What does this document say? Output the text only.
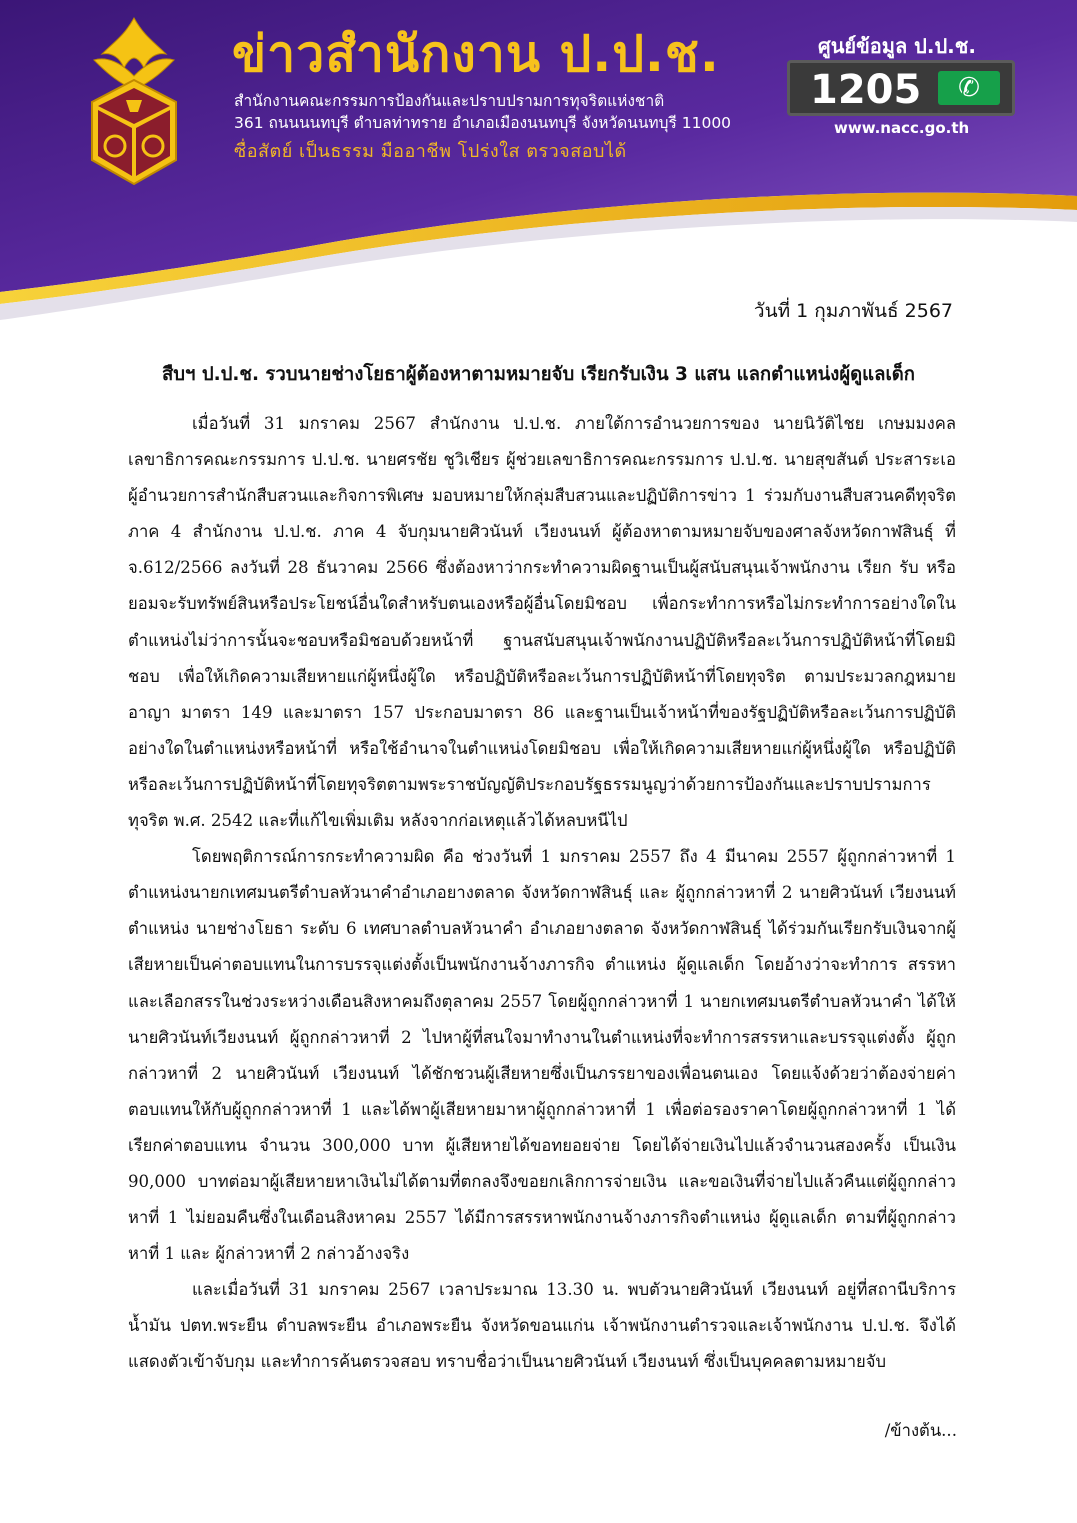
ข่าวสำนักงาน ป.ป.ช.
สำนักงานคณะกรรมการป้องกันและปราบปรามการทุจริตแห่งชาติ
361 ถนนนนทบุรี ตำบลท่าทราย อำเภอเมืองนนทบุรี จังหวัดนนทบุรี 11000
ซื่อสัตย์ เป็นธรรม มืออาชีพ โปร่งใส ตรวจสอบได้
ศูนย์ข้อมูล ป.ป.ช.
1205	✆
www.nacc.go.th
วันที่ 1 กุมภาพันธ์ 2567
สืบฯ ป.ป.ช. รวบนายช่างโยธาผู้ต้องหาตามหมายจับ เรียกรับเงิน 3 แสน แลกตำแหน่งผู้ดูแลเด็ก

เมื่อวันที่ 31 มกราคม 2567 สำนักงาน ป.ป.ช. ภายใต้การอำนวยการของ นายนิวัติไชย เกษมมงคล เลขาธิการคณะกรรมการ ป.ป.ช. นายศรชัย ชูวิเชียร ผู้ช่วยเลขาธิการคณะกรรมการ ป.ป.ช. นายสุขสันต์ ประสาระเอ ผู้อำนวยการสำนักสืบสวนและกิจการพิเศษ มอบหมายให้กลุ่มสืบสวนและปฏิบัติการข่าว 1 ร่วมกับงานสืบสวนคดีทุจริตภาค 4 สำนักงาน ป.ป.ช. ภาค 4 จับกุมนายศิวนันท์ เวียงนนท์ ผู้ต้องหาตามหมายจับของศาลจังหวัดกาฬสินธุ์ ที่ จ.612/2566 ลงวันที่ 28 ธันวาคม 2566 ซึ่งต้องหาว่ากระทำความผิดฐานเป็นผู้สนับสนุนเจ้าพนักงาน เรียก รับ หรือยอมจะรับทรัพย์สินหรือประโยชน์อื่นใดสำหรับตนเองหรือผู้อื่นโดยมิชอบ เพื่อกระทำการหรือไม่กระทำการอย่างใดในตำแหน่งไม่ว่าการนั้นจะชอบหรือมิชอบด้วยหน้าที่ ฐานสนับสนุนเจ้าพนักงานปฏิบัติหรือละเว้นการปฏิบัติหน้าที่โดยมิชอบ เพื่อให้เกิดความเสียหายแก่ผู้หนึ่งผู้ใด หรือปฏิบัติหรือละเว้นการปฏิบัติหน้าที่โดยทุจริต ตามประมวลกฎหมายอาญา มาตรา 149 และมาตรา 157 ประกอบมาตรา 86 และฐานเป็นเจ้าหน้าที่ของรัฐปฏิบัติหรือละเว้นการปฏิบัติอย่างใดในตำแหน่งหรือหน้าที่ หรือใช้อำนาจในตำแหน่งโดยมิชอบ เพื่อให้เกิดความเสียหายแก่ผู้หนึ่งผู้ใด หรือปฏิบัติหรือละเว้นการปฏิบัติหน้าที่โดยทุจริตตามพระราชบัญญัติประกอบรัฐธรรมนูญว่าด้วยการป้องกันและปราบปรามการทุจริต พ.ศ. 2542 และที่แก้ไขเพิ่มเติม หลังจากก่อเหตุแล้วได้หลบหนีไป

โดยพฤติการณ์การกระทำความผิด คือ ช่วงวันที่ 1 มกราคม 2557 ถึง 4 มีนาคม 2557 ผู้ถูกกล่าวหาที่ 1 ตำแหน่งนายกเทศมนตรีตำบลหัวนาคำอำเภอยางตลาด จังหวัดกาฬสินธุ์ และ ผู้ถูกกล่าวหาที่ 2 นายศิวนันท์ เวียงนนท์ ตำแหน่ง นายช่างโยธา ระดับ 6 เทศบาลตำบลหัวนาคำ อำเภอยางตลาด จังหวัดกาฬสินธุ์ ได้ร่วมกันเรียกรับเงินจากผู้เสียหายเป็นค่าตอบแทนในการบรรจุแต่งตั้งเป็นพนักงานจ้างภารกิจ ตำแหน่ง ผู้ดูแลเด็ก โดยอ้างว่าจะทำการ สรรหาและเลือกสรรในช่วงระหว่างเดือนสิงหาคมถึงตุลาคม 2557 โดยผู้ถูกกล่าวหาที่ 1 นายกเทศมนตรีตำบลหัวนาคำ ได้ให้นายศิวนันท์เวียงนนท์ ผู้ถูกกล่าวหาที่ 2 ไปหาผู้ที่สนใจมาทำงานในตำแหน่งที่จะทำการสรรหาและบรรจุแต่งตั้ง ผู้ถูกกล่าวหาที่ 2 นายศิวนันท์ เวียงนนท์ ได้ชักชวนผู้เสียหายซึ่งเป็นภรรยาของเพื่อนตนเอง โดยแจ้งด้วยว่าต้องจ่ายค่าตอบแทนให้กับผู้ถูกกล่าวหาที่ 1 และได้พาผู้เสียหายมาหาผู้ถูกกล่าวหาที่ 1 เพื่อต่อรองราคาโดยผู้ถูกกล่าวหาที่ 1 ได้เรียกค่าตอบแทน จำนวน 300,000 บาท ผู้เสียหายได้ขอทยอยจ่าย โดยได้จ่ายเงินไปแล้วจำนวนสองครั้ง เป็นเงิน 90,000 บาทต่อมาผู้เสียหายหาเงินไม่ได้ตามที่ตกลงจึงขอยกเลิกการจ่ายเงิน และขอเงินที่จ่ายไปแล้วคืนแต่ผู้ถูกกล่าวหาที่ 1 ไม่ยอมคืนซึ่งในเดือนสิงหาคม 2557 ได้มีการสรรหาพนักงานจ้างภารกิจตำแหน่ง ผู้ดูแลเด็ก ตามที่ผู้ถูกกล่าวหาที่ 1 และ ผู้กล่าวหาที่ 2 กล่าวอ้างจริง

และเมื่อวันที่ 31 มกราคม 2567 เวลาประมาณ 13.30 น. พบตัวนายศิวนันท์ เวียงนนท์ อยู่ที่สถานีบริการน้ำมัน ปตท.พระยืน ตำบลพระยืน อำเภอพระยืน จังหวัดขอนแก่น เจ้าพนักงานตำรวจและเจ้าพนักงาน ป.ป.ช. จึงได้แสดงตัวเข้าจับกุม และทำการค้นตรวจสอบ ทราบชื่อว่าเป็นนายศิวนันท์ เวียงนนท์ ซึ่งเป็นบุคคลตามหมายจับ

/ข้างต้น...
